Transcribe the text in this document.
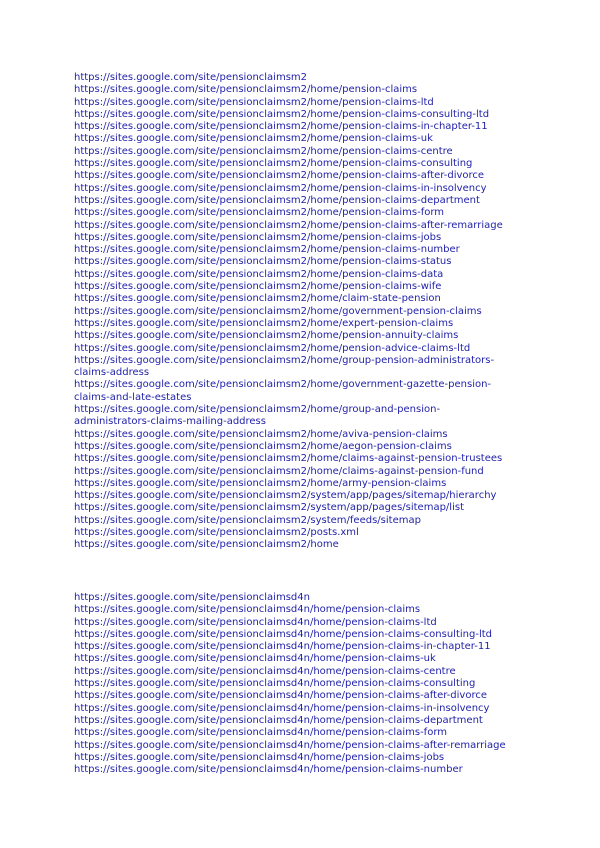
https://sites.google.com/site/pensionclaimsm2
https://sites.google.com/site/pensionclaimsm2/home/pension-claims
https://sites.google.com/site/pensionclaimsm2/home/pension-claims-ltd
https://sites.google.com/site/pensionclaimsm2/home/pension-claims-consulting-ltd
https://sites.google.com/site/pensionclaimsm2/home/pension-claims-in-chapter-11
https://sites.google.com/site/pensionclaimsm2/home/pension-claims-uk
https://sites.google.com/site/pensionclaimsm2/home/pension-claims-centre
https://sites.google.com/site/pensionclaimsm2/home/pension-claims-consulting
https://sites.google.com/site/pensionclaimsm2/home/pension-claims-after-divorce
https://sites.google.com/site/pensionclaimsm2/home/pension-claims-in-insolvency
https://sites.google.com/site/pensionclaimsm2/home/pension-claims-department
https://sites.google.com/site/pensionclaimsm2/home/pension-claims-form
https://sites.google.com/site/pensionclaimsm2/home/pension-claims-after-remarriage
https://sites.google.com/site/pensionclaimsm2/home/pension-claims-jobs
https://sites.google.com/site/pensionclaimsm2/home/pension-claims-number
https://sites.google.com/site/pensionclaimsm2/home/pension-claims-status
https://sites.google.com/site/pensionclaimsm2/home/pension-claims-data
https://sites.google.com/site/pensionclaimsm2/home/pension-claims-wife
https://sites.google.com/site/pensionclaimsm2/home/claim-state-pension
https://sites.google.com/site/pensionclaimsm2/home/government-pension-claims
https://sites.google.com/site/pensionclaimsm2/home/expert-pension-claims
https://sites.google.com/site/pensionclaimsm2/home/pension-annuity-claims
https://sites.google.com/site/pensionclaimsm2/home/pension-advice-claims-ltd
https://sites.google.com/site/pensionclaimsm2/home/group-pension-administrators-
claims-address
https://sites.google.com/site/pensionclaimsm2/home/government-gazette-pension-
claims-and-late-estates
https://sites.google.com/site/pensionclaimsm2/home/group-and-pension-
administrators-claims-mailing-address
https://sites.google.com/site/pensionclaimsm2/home/aviva-pension-claims
https://sites.google.com/site/pensionclaimsm2/home/aegon-pension-claims
https://sites.google.com/site/pensionclaimsm2/home/claims-against-pension-trustees
https://sites.google.com/site/pensionclaimsm2/home/claims-against-pension-fund
https://sites.google.com/site/pensionclaimsm2/home/army-pension-claims
https://sites.google.com/site/pensionclaimsm2/system/app/pages/sitemap/hierarchy
https://sites.google.com/site/pensionclaimsm2/system/app/pages/sitemap/list
https://sites.google.com/site/pensionclaimsm2/system/feeds/sitemap
https://sites.google.com/site/pensionclaimsm2/posts.xml
https://sites.google.com/site/pensionclaimsm2/home
https://sites.google.com/site/pensionclaimsd4n
https://sites.google.com/site/pensionclaimsd4n/home/pension-claims
https://sites.google.com/site/pensionclaimsd4n/home/pension-claims-ltd
https://sites.google.com/site/pensionclaimsd4n/home/pension-claims-consulting-ltd
https://sites.google.com/site/pensionclaimsd4n/home/pension-claims-in-chapter-11
https://sites.google.com/site/pensionclaimsd4n/home/pension-claims-uk
https://sites.google.com/site/pensionclaimsd4n/home/pension-claims-centre
https://sites.google.com/site/pensionclaimsd4n/home/pension-claims-consulting
https://sites.google.com/site/pensionclaimsd4n/home/pension-claims-after-divorce
https://sites.google.com/site/pensionclaimsd4n/home/pension-claims-in-insolvency
https://sites.google.com/site/pensionclaimsd4n/home/pension-claims-department
https://sites.google.com/site/pensionclaimsd4n/home/pension-claims-form
https://sites.google.com/site/pensionclaimsd4n/home/pension-claims-after-remarriage
https://sites.google.com/site/pensionclaimsd4n/home/pension-claims-jobs
https://sites.google.com/site/pensionclaimsd4n/home/pension-claims-number
